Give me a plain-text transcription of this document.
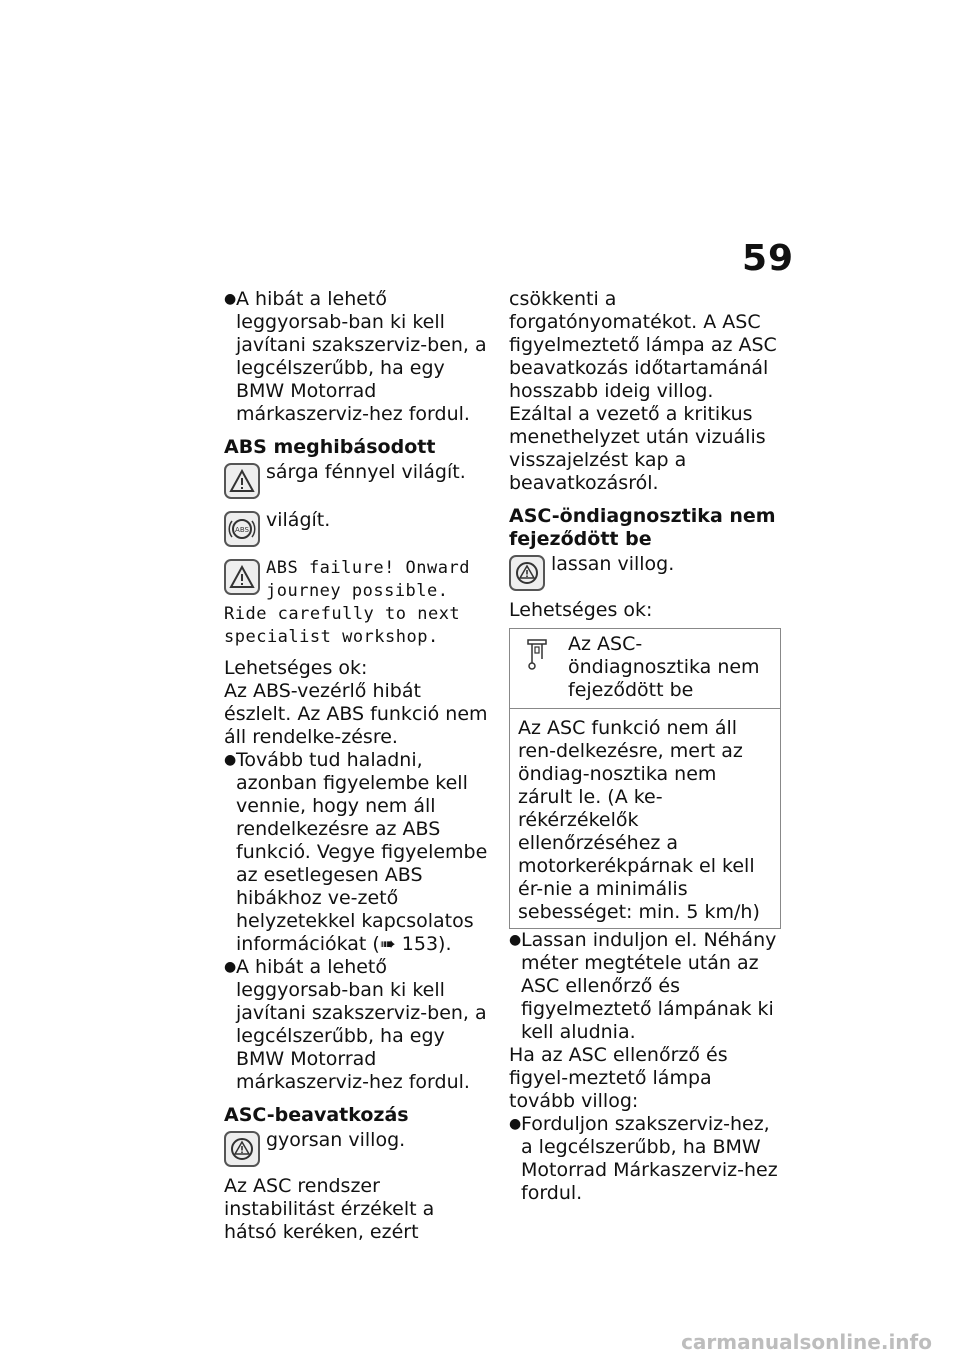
59
● A hibát a lehető leggyorsab-ban ki kell javítani szakszerviz-ben, a legcélszerűbb, ha egy BMW Motorrad márkaszerviz-hez fordul.

ABS meghibásodott

sárga fénnyel világít.
ABS világít.
ABS failure! Onward
journey possible.
Ride carefully to next
specialist workshop.

Lehetséges ok:

Az ABS-vezérlő hibát észlelt. Az ABS funkció nem áll rendelke-zésre.

● Tovább tud haladni, azonban figyelembe kell vennie, hogy nem áll rendelkezésre az ABS funkció. Vegye figyelembe az esetlegesen ABS hibákhoz ve-zető helyzetekkel kapcsolatos információkat (➠ 153).
● A hibát a lehető leggyorsab-ban ki kell javítani szakszerviz-ben, a legcélszerűbb, ha egy BMW Motorrad márkaszerviz-hez fordul.

ASC-beavatkozás

gyorsan villog.

Az ASC rendszer instabilitást érzékelt a hátsó keréken, ezért

csökkenti a forgatónyomatékot. A ASC figyelmeztető lámpa az ASC beavatkozás időtartamánál hosszabb ideig villog. Ezáltal a vezető a kritikus menethelyzet után vizuális visszajelzést kap a beavatkozásról.

ASC-öndiagnosztika nem fejeződött be

lassan villog.

Lehetséges ok:

Az ASC-öndiagnosztika nem fejeződött be
Az ASC funkció nem áll ren-delkezésre, mert az öndiag-nosztika nem zárult le. (A ke-rékérzékelők ellenőrzéséhez a motorkerékpárnak el kell ér-nie a minimális sebességet: min. 5 km/h)
● Lassan induljon el. Néhány méter megtétele után az ASC ellenőrző és figyelmeztető lámpának ki kell aludnia.

Ha az ASC ellenőrző és figyel-meztető lámpa tovább villog:

● Forduljon szakszerviz-hez, a legcélszerűbb, ha BMW Motorrad Márkaszerviz-hez fordul.
carmanualsonline.info
